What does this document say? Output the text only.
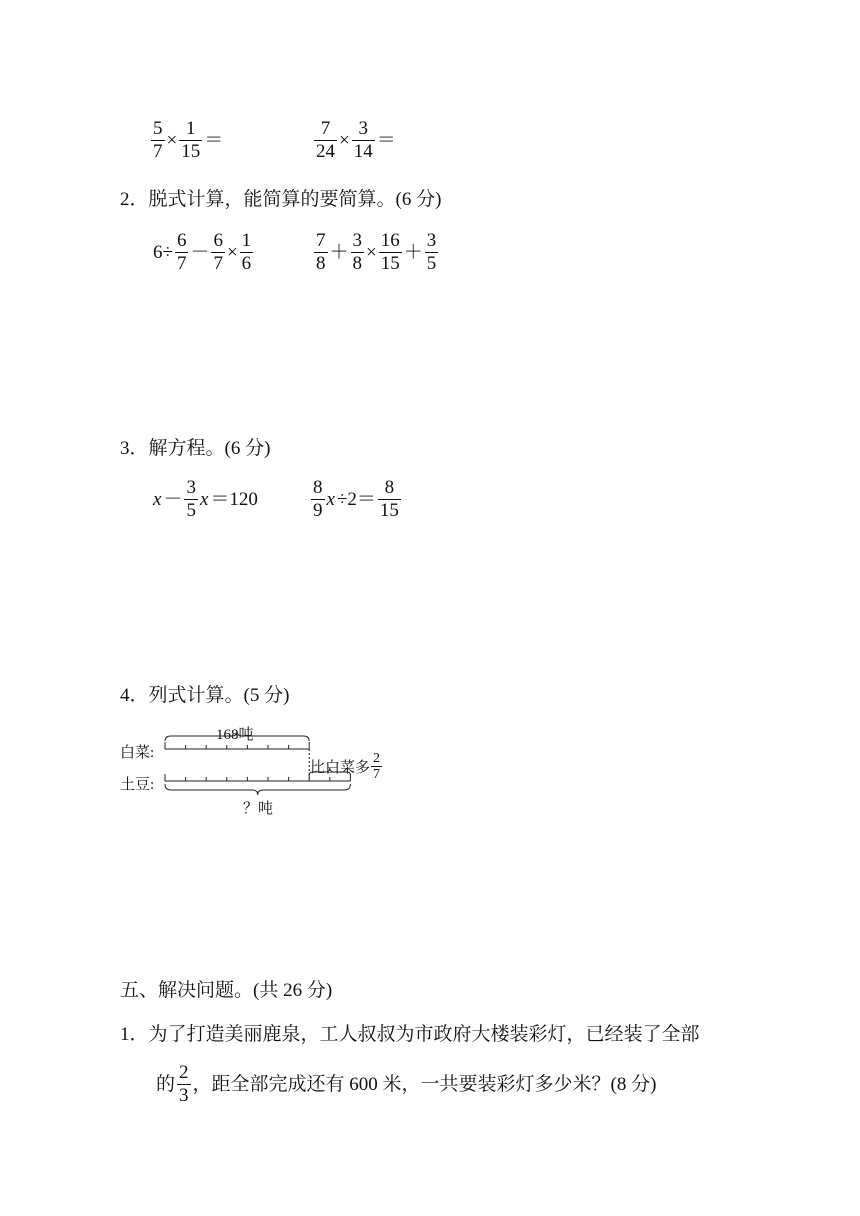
$\frac{5}{7} \times \frac{1}{15}$ ＝	$\frac{7}{24} \times \frac{3}{14}$ ＝
2．脱式计算，能简算的要简算。(6 分)
$6\div \frac{6}{7} - \frac{6}{7} \times \frac{1}{6}$	$\frac{7}{8} + \frac{3}{8} \times \frac{16}{15} + \frac{3}{5}$
3．解方程。(6 分)
$x - \frac{3}{5}$ x ＝120	$\frac{8}{9}$ $x \div 2= \frac{8}{15}$
4．列式计算。(5 分)
白菜:
土豆:
168吨
比白菜多 $\frac{2}{7}$
？吨
五、解决问题。(共 26 分)
1．为了打造美丽鹿泉，工人叔叔为市政府大楼装彩灯，已经装了全部
的 $\frac{2}{3}$ ，距全部完成还有 600 米，一共要装彩灯多少米？(8 分)
